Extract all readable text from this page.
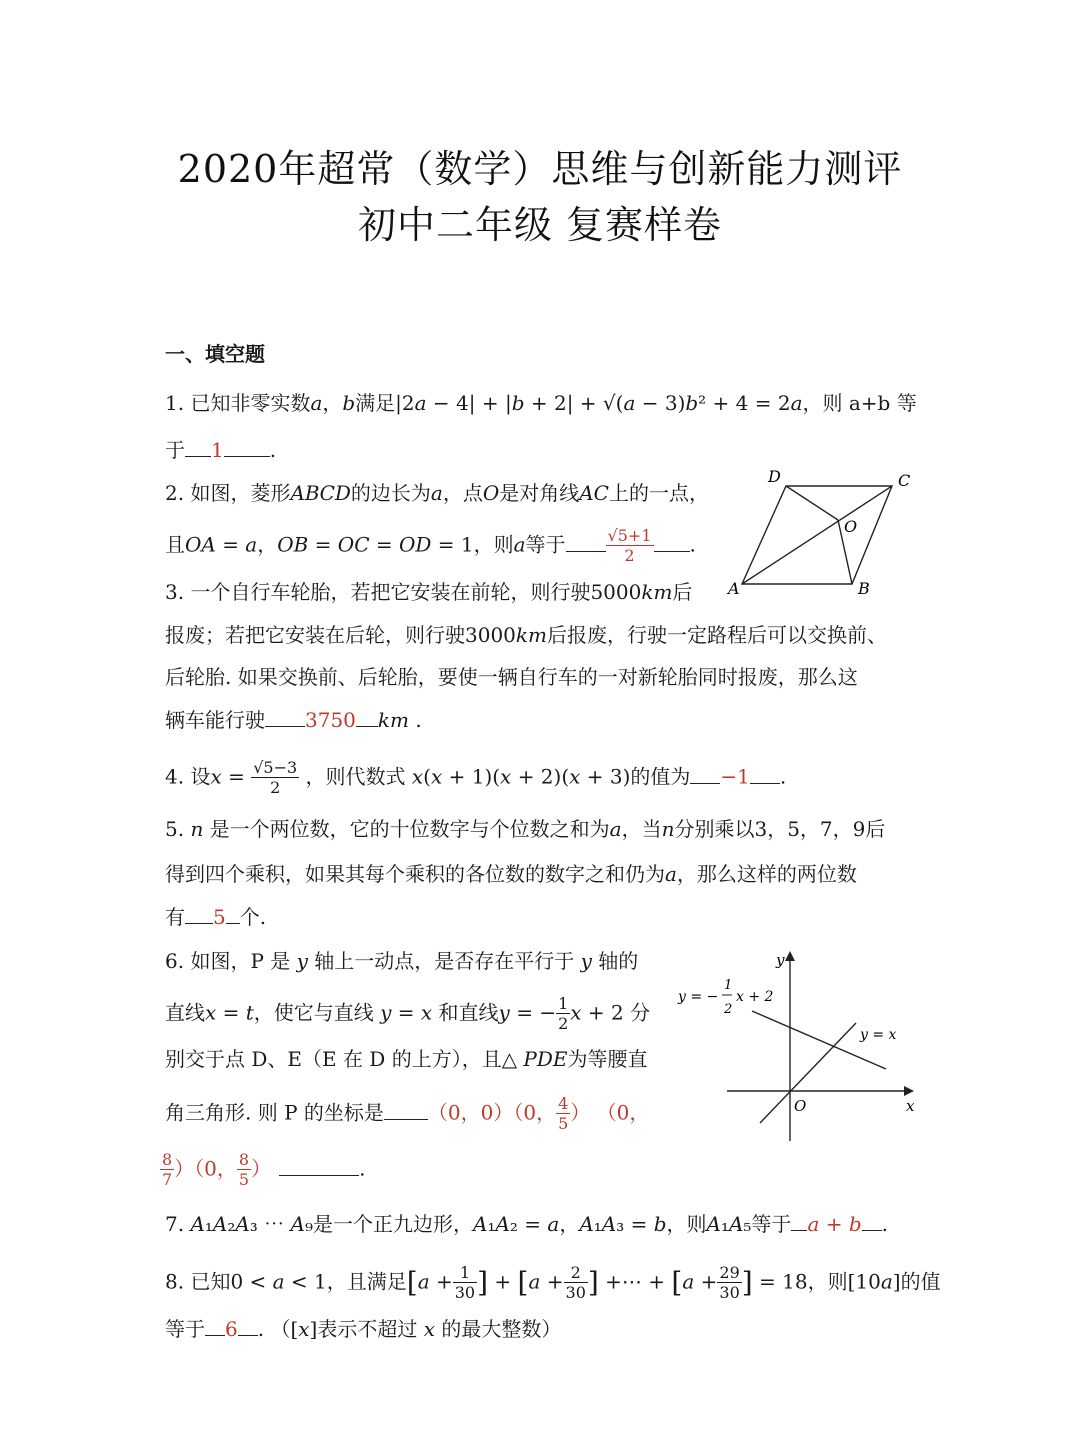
2020年超常（数学）思维与创新能力测评
初中二年级 复赛样卷
一、填空题
1. 已知非零实数𝑎，𝑏满足|2𝑎 − 4| + |𝑏 + 2| + √(𝑎 − 3)𝑏² + 4 = 2𝑎，则 a+b 等
于 1 .
2. 如图，菱形𝐴𝐵𝐶𝐷的边长为𝑎，点𝑂是对角线𝐴𝐶上的一点，
且𝑂𝐴 = 𝑎，𝑂𝐵 = 𝑂𝐶 = 𝑂𝐷 = 1，则𝑎等于	$\frac{√5+1}{2}$ .
D	C
O
A	B
3. 一个自行车轮胎，若把它安装在前轮，则行驶5000𝑘𝑚后
报废；若把它安装在后轮，则行驶3000𝑘𝑚后报废，行驶一定路程后可以交换前、
后轮胎. 如果交换前、后轮胎，要使一辆自行车的一对新轮胎同时报废，那么这
辆车能行驶 3750 𝑘𝑚 .
4. 设𝑥 = $\frac{√5-3}{2}$ ，则代数式 𝑥(𝑥 + 1)(𝑥 + 2)(𝑥 + 3)的值为 −1 .
5. 𝑛 是一个两位数，它的十位数字与个位数之和为𝑎，当𝑛分别乘以3，5，7，9后
得到四个乘积，如果其每个乘积的各位数的数字之和仍为𝑎，那么这样的两位数
有 5 个.
6. 如图，P 是 𝑦 轴上一动点，是否存在平行于 𝑦 轴的
直线𝑥 = 𝑡，使它与直线 𝑦 = 𝑥 和直线𝑦 = − $\frac{1}{2}$ 𝑥 + 2 分
别交于点 D、E（E 在 D 的上方），且△ 𝑃𝐷𝐸为等腰直
角三角形. 则 P 的坐标是 （0，0）（0， $\frac{4}{5}$ ） （0，
$\frac{8}{7} )(0$， $\frac{8}{5}$ ）	.
y
x
O
y = −
1
2
x + 2
y = x
7. 𝐴₁𝐴₂𝐴₃ ⋯ 𝐴₉是一个正九边形，𝐴₁𝐴₂ = 𝑎，𝐴₁𝐴₃ = 𝑏，则𝐴₁𝐴₅等于 𝑎 + 𝑏 .
8. 已知0 < 𝑎 < 1，且满足[𝑎 + $\frac{1}{30}$ ] + [𝑎 + $\frac{2}{30}$ ] +⋯ + [𝑎 + $\frac{29}{30}$ ] = 18，则[10𝑎]的值
等于 6 . （[𝑥]表示不超过 𝑥 的最大整数）
